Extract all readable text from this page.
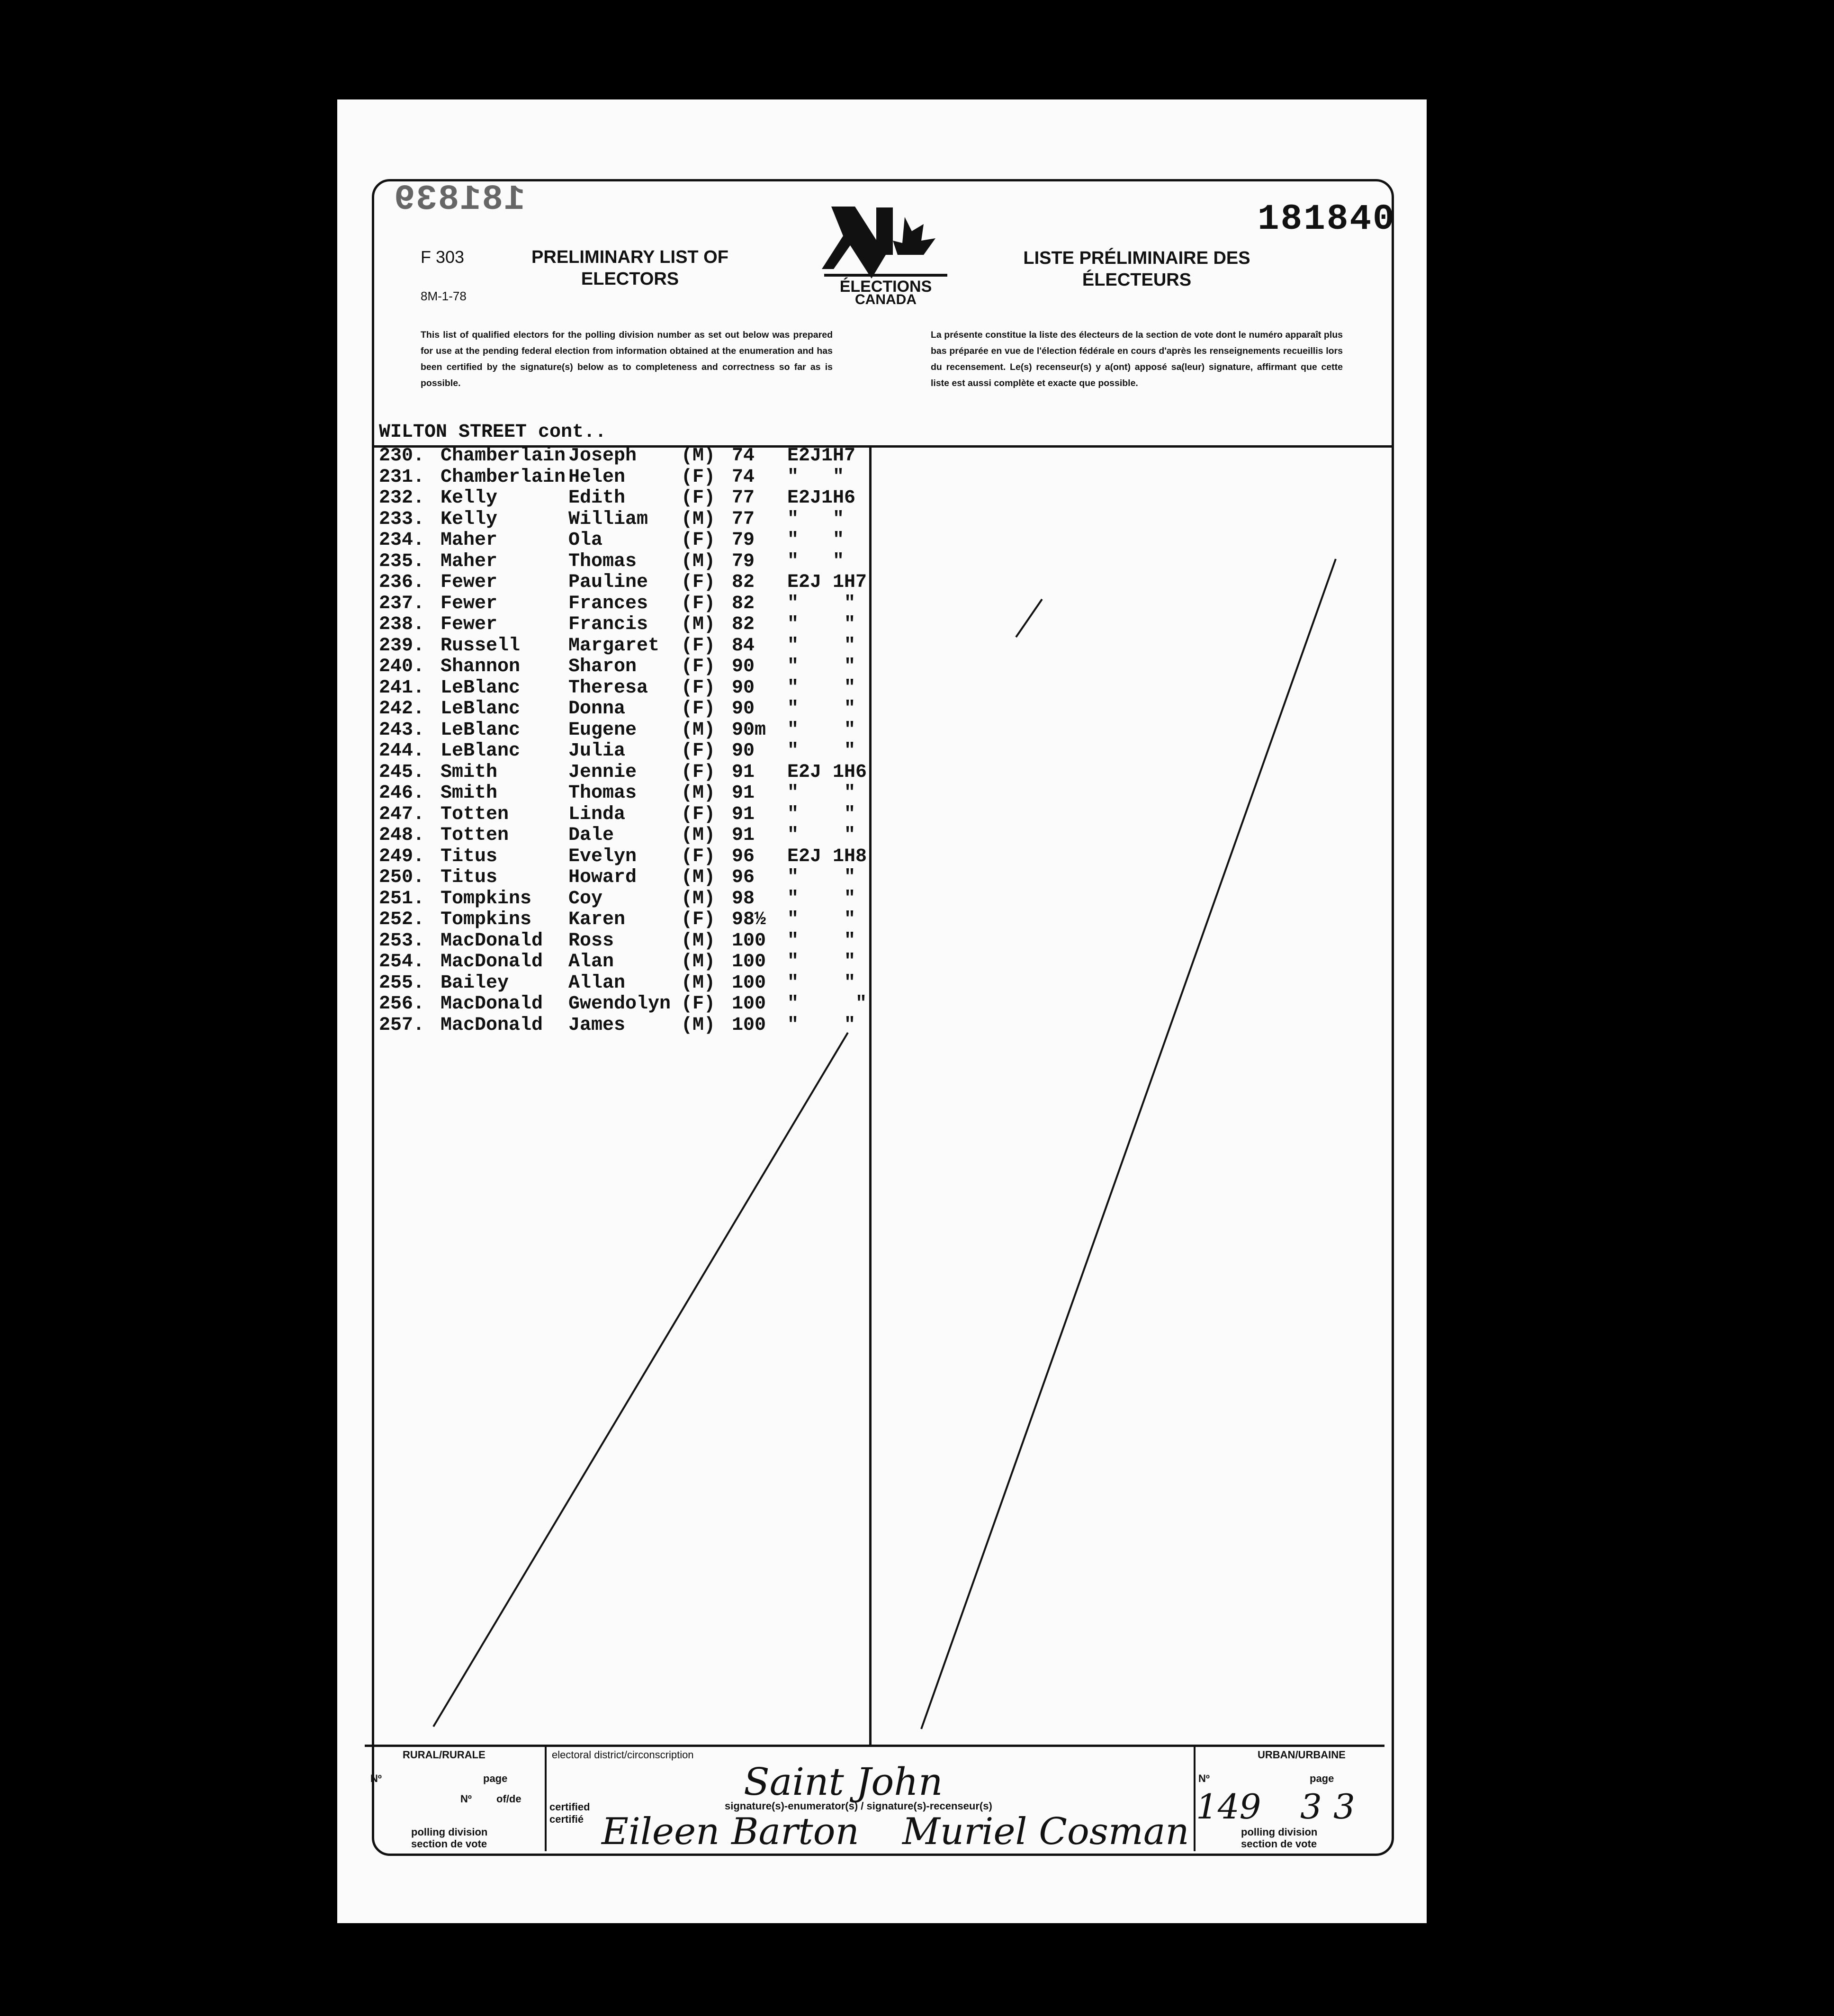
181839	181840
F 303
8M-1-78
PRELIMINARY LIST OF ELECTORS
LISTE PRÉLIMINAIRE DES ÉLECTEURS
ÉLECTIONS
CANADA
This list of qualified electors for the polling division number as set out below was prepared for use at the pending federal election from information obtained at the enumeration and has been certified by the signature(s) below as to completeness and correctness so far as is possible.
La présente constitue la liste des électeurs de la section de vote dont le numéro apparaît plus bas préparée en vue de l'élection fédérale en cours d'après les renseignements recueillis lors du recensement. Le(s) recenseur(s) y a(ont) apposé sa(leur) signature, affirmant que cette liste est aussi complète et exacte que possible.
WILTON STREET cont..
230. Chamberlain Joseph (M) 74 E2J1H7
231. Chamberlain Helen	(F) 74 "   "
232. Kelly	Edith	(F) 77 E2J1H6
233. Kelly	William (M) 77 "   "
234. Maher	Ola	(F) 79 "   "
235. Maher	Thomas (M) 79 "   "
236. Fewer	Pauline (F) 82 E2J 1H7
237. Fewer	Frances (F) 82 "    "
238. Fewer	Francis (M) 82 "    "
239. Russell	Margaret (F) 84 "    "
240. Shannon	Sharon (F) 90 "    "
241. LeBlanc	Theresa (F) 90 "    "
242. LeBlanc	Donna	(F) 90 "    "
243. LeBlanc	Eugene (M) 90m "    "
244. LeBlanc	Julia	(F) 90 "    "
245. Smith	Jennie (F) 91 E2J 1H6
246. Smith	Thomas (M) 91 "    "
247. Totten	Linda	(F) 91 "    "
248. Totten	Dale	(M) 91 "    "
249. Titus	Evelyn (F) 96 E2J 1H8
250. Titus	Howard (M) 96 "    "
251. Tompkins Coy	(M) 98 "    "
252. Tompkins Karen	(F) 98½ "    "
253. MacDonald Ross	(M) 100 "    "
254. MacDonald Alan	(M) 100 "    "
255. Bailey	Allan	(M) 100 "    "
256. MacDonald Gwendolyn (F) 100 "     "
257. MacDonald James	(M) 100 "    "
RURAL/RURALE
Nº	page
Nº of/de
polling division
section de vote
electoral district/circonscription
Saint John
signature(s)-enumerator(s) / signature(s)-recenseur(s)
certified
certifié Eileen Barton Muriel Cosman
URBAN/URBAINE
Nº	page
149 3 3
polling division
section de vote
